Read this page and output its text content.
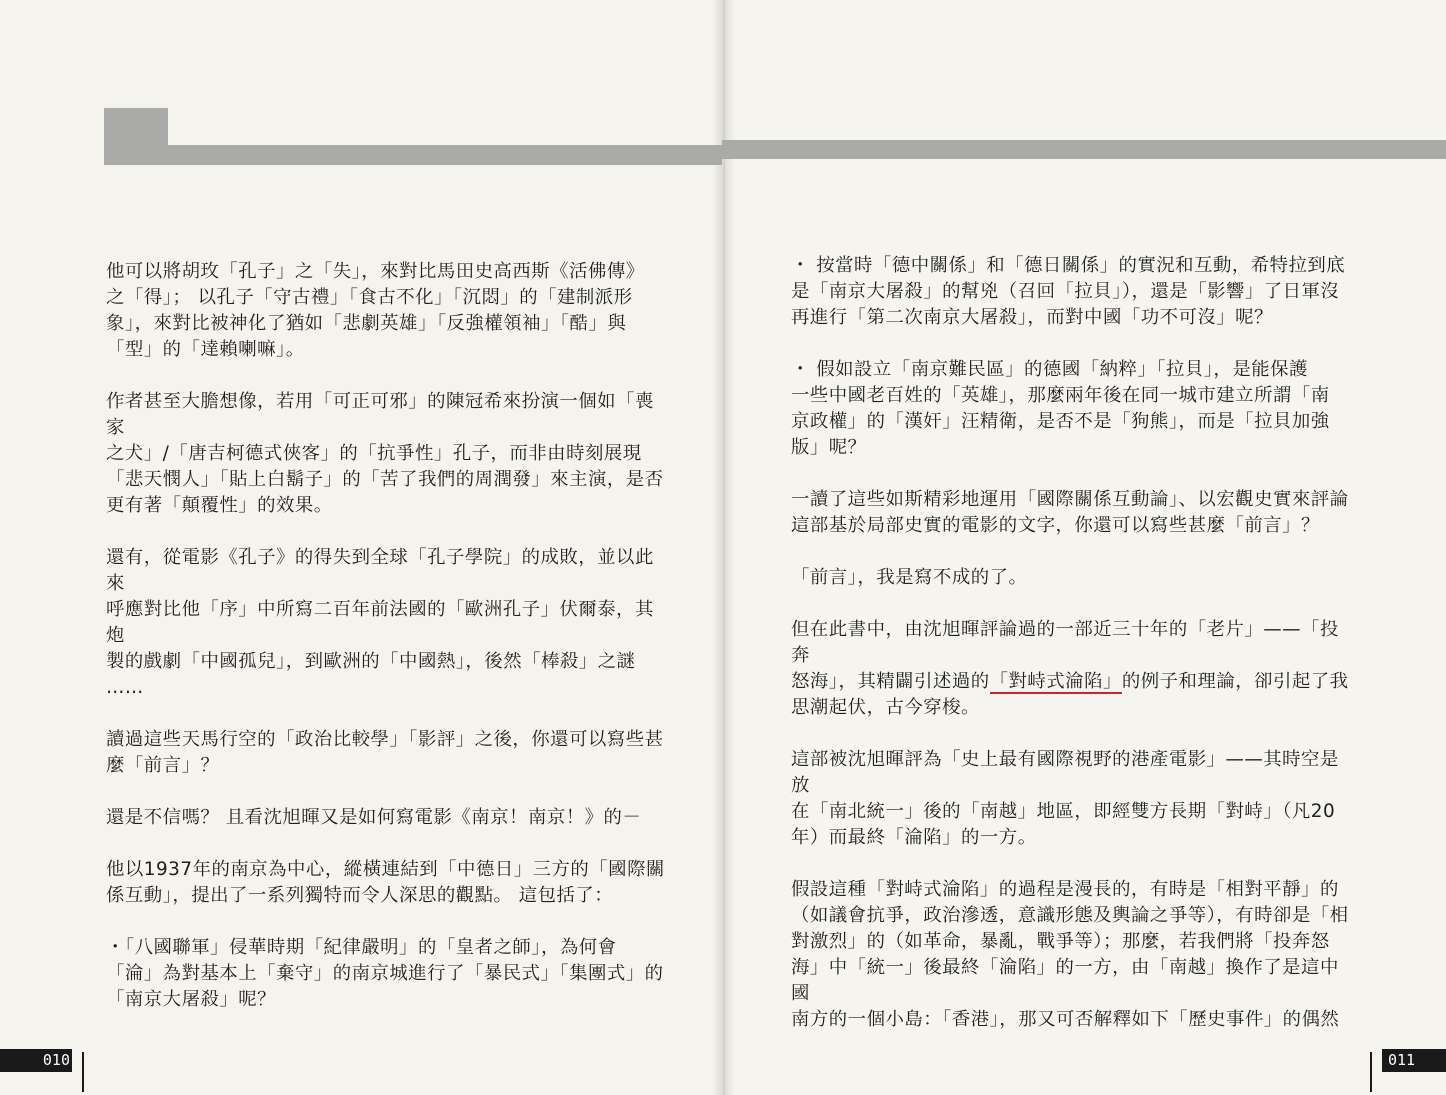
他可以將胡玫「孔子」之「失」，來對比馬田史高西斯《活佛傳》
之「得」； 以孔子「守古禮」「食古不化」「沉悶」的「建制派形
象」，來對比被神化了猶如「悲劇英雄」「反強權領袖」「酷」與
「型」的「達賴喇嘛」。

作者甚至大膽想像，若用「可正可邪」的陳冠希來扮演一個如「喪家
之犬」/「唐吉柯德式俠客」的「抗爭性」孔子，而非由時刻展現
「悲天憫人」「貼上白鬍子」的「苦了我們的周潤發」來主演，是否
更有著「顛覆性」的效果。

還有，從電影《孔子》的得失到全球「孔子學院」的成敗，並以此來
呼應對比他「序」中所寫二百年前法國的「歐洲孔子」伏爾泰，其炮
製的戲劇「中國孤兒」，到歐洲的「中國熱」，後然「棒殺」之謎
……

讀過這些天馬行空的「政治比較學」「影評」之後，你還可以寫些甚
麼「前言」？

還是不信嗎？ 且看沈旭暉又是如何寫電影《南京！南京！》的－

他以1937年的南京為中心，縱橫連結到「中德日」三方的「國際關
係互動」，提出了一系列獨特而令人深思的觀點。 這包括了：

・「八國聯軍」侵華時期「紀律嚴明」的「皇者之師」，為何會
「淪」為對基本上「棄守」的南京城進行了「暴民式」「集團式」的
「南京大屠殺」呢？

・ 按當時「德中關係」和「德日關係」的實況和互動，希特拉到底
是「南京大屠殺」的幫兇（召回「拉貝」），還是「影響」了日軍沒
再進行「第二次南京大屠殺」，而對中國「功不可沒」呢？

・ 假如設立「南京難民區」的德國「納粹」「拉貝」，是能保護
一些中國老百姓的「英雄」，那麼兩年後在同一城市建立所謂「南
京政權」的「漢奸」汪精衛，是否不是「狗熊」，而是「拉貝加強
版」呢？

一讀了這些如斯精彩地運用「國際關係互動論」、以宏觀史實來評論
這部基於局部史實的電影的文字，你還可以寫些甚麼「前言」？

「前言」，我是寫不成的了。

但在此書中，由沈旭暉評論過的一部近三十年的「老片」——「投奔
怒海」，其精闢引述過的「對峙式淪陷」的例子和理論，卻引起了我
思潮起伏，古今穿梭。

這部被沈旭暉評為「史上最有國際視野的港產電影」——其時空是放
在「南北統一」後的「南越」地區，即經雙方長期「對峙」（凡20
年）而最終「淪陷」的一方。

假設這種「對峙式淪陷」的過程是漫長的，有時是「相對平靜」的
（如議會抗爭，政治滲透，意識形態及輿論之爭等），有時卻是「相
對激烈」的（如革命，暴亂，戰爭等）；那麼，若我們將「投奔怒
海」中「統一」後最終「淪陷」的一方，由「南越」換作了是這中國
南方的一個小島：「香港」，那又可否解釋如下「歷史事件」的偶然

010	011
